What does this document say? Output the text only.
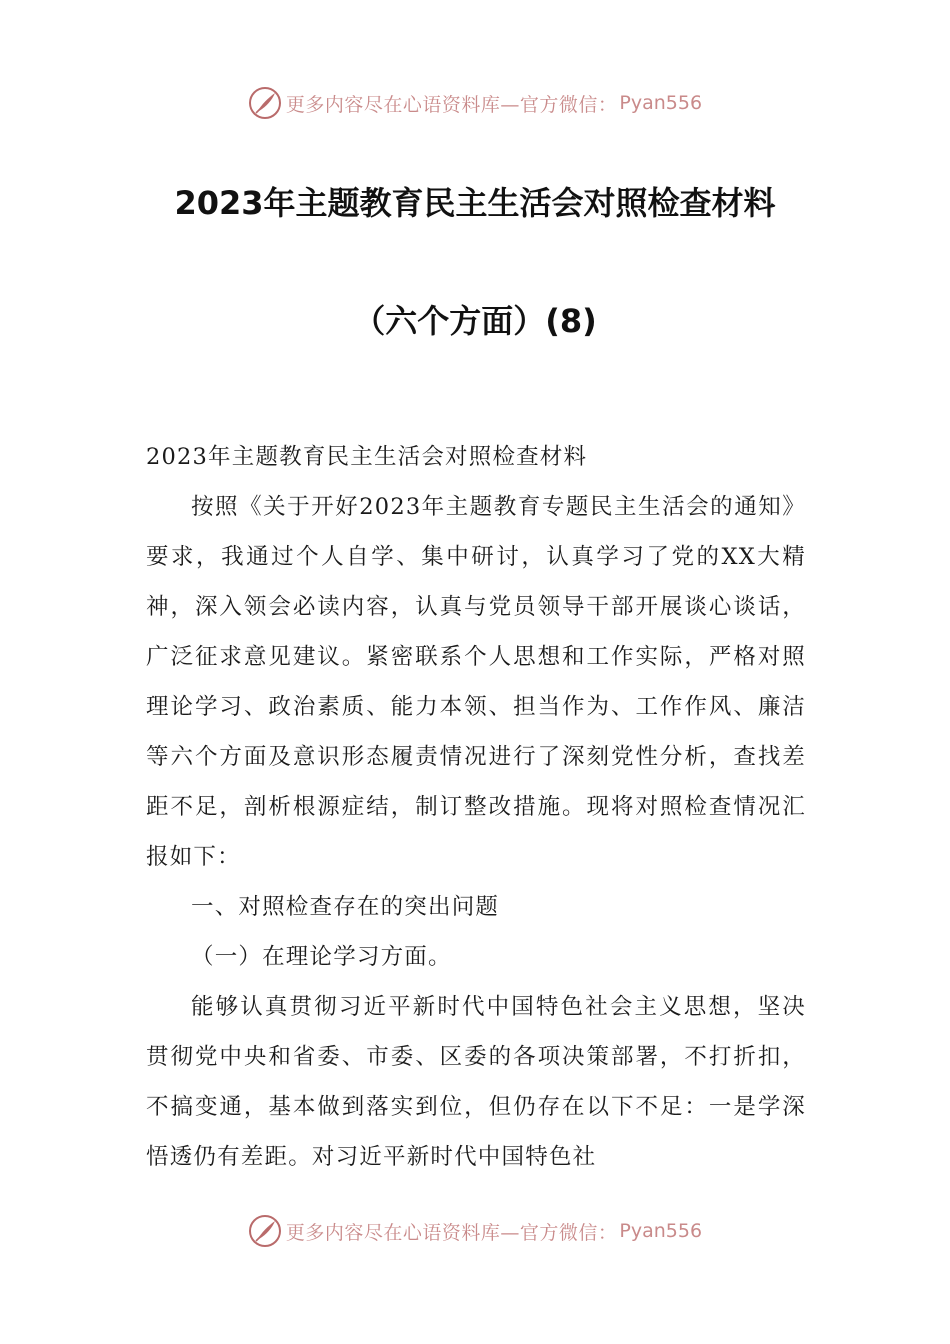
更多内容尽在心语资料库—官方微信： Pyan556
2023年主题教育民主生活会对照检查材料
（六个方面）(8)

2023年主题教育民主生活会对照检查材料

按照《关于开好2023年主题教育专题民主生活会的通知》要求，我通过个人自学、集中研讨，认真学习了党的XX大精神，深入领会必读内容，认真与党员领导干部开展谈心谈话，广泛征求意见建议。紧密联系个人思想和工作实际，严格对照理论学习、政治素质、能力本领、担当作为、工作作风、廉洁等六个方面及意识形态履责情况进行了深刻党性分析，查找差距不足，剖析根源症结，制订整改措施。现将对照检查情况汇报如下：

一、对照检查存在的突出问题

（一）在理论学习方面。

能够认真贯彻习近平新时代中国特色社会主义思想，坚决贯彻党中央和省委、市委、区委的各项决策部署，不打折扣，不搞变通，基本做到落实到位，但仍存在以下不足：一是学深悟透仍有差距。对习近平新时代中国特色社

更多内容尽在心语资料库—官方微信： Pyan556
